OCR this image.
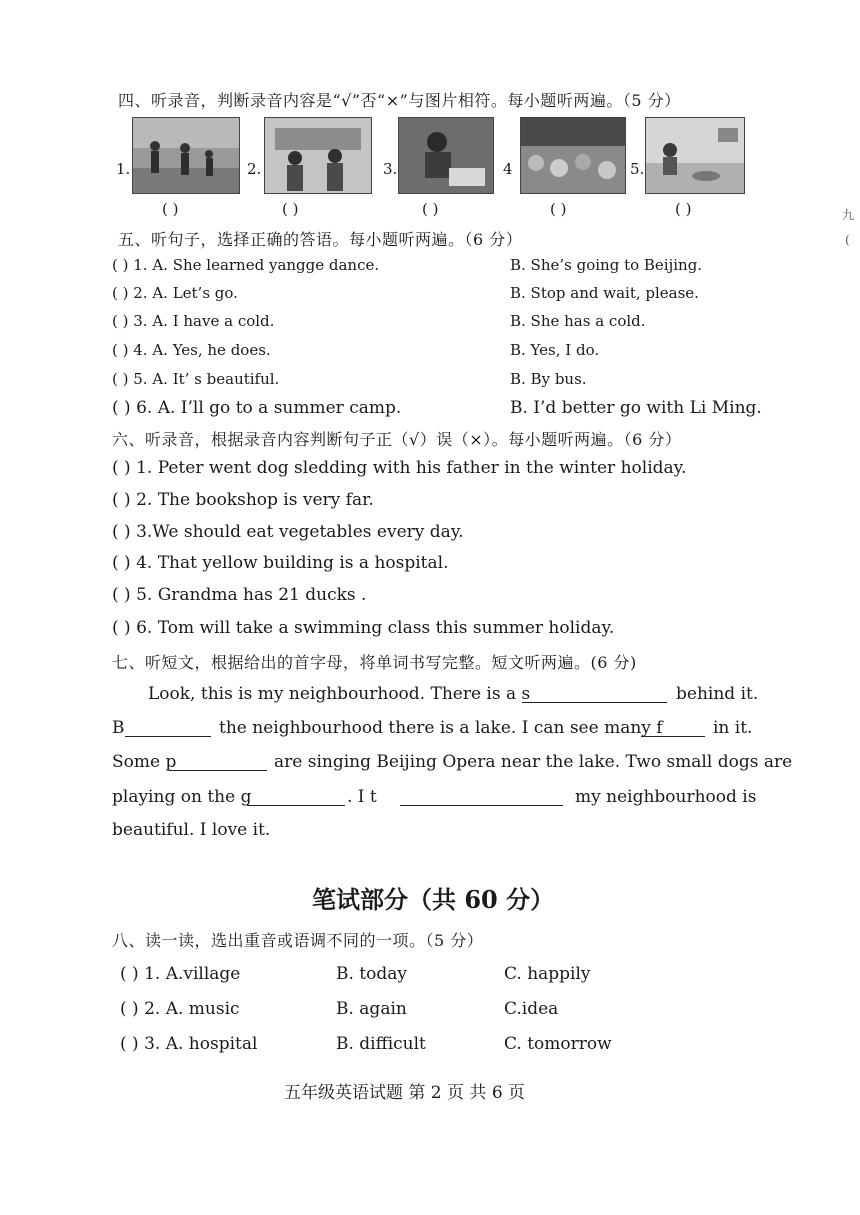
四、听录音，判断录音内容是“√”否“×”与图片相符。每小题听两遍。（5 分）
1.	2.	3.	4	5.
( )	( )	( )	( )	( )	九
(
五、听句子，选择正确的答语。每小题听两遍。（6 分）
( ) 1. A. She learned yangge dance.	B. She’s going to Beijing.
( ) 2. A. Let’s go.	B. Stop and wait, please.
( ) 3. A. I have a cold.	B. She has a cold.
( ) 4. A. Yes, he does.	B. Yes, I do.
( ) 5. A. It’ s beautiful.	B. By bus.
( ) 6. A. I’ll go to a summer camp.	B. I’d better go with Li Ming.
六、听录音，根据录音内容判断句子正（√）误（×）。每小题听两遍。（6 分）
( ) 1. Peter went dog sledding with his father in the winter holiday.
( ) 2. The bookshop is very far.
( ) 3.We should eat vegetables every day.
( ) 4. That yellow building is a hospital.
( ) 5. Grandma has 21 ducks .
( ) 6. Tom will take a swimming class this summer holiday.
七、听短文，根据给出的首字母，将单词书写完整。短文听两遍。(6 分)
Look, this is my neighbourhood. There is a s	behind it.
B	the neighbourhood there is a lake. I can see many f	in it.
Some p	are singing Beijing Opera near the lake. Two small dogs are
playing on the g	. I t	my neighbourhood is
beautiful. I love it.
笔试部分（共 60 分）
八、读一读，选出重音或语调不同的一项。（5 分）
( ) 1. A.village	B. today	C. happily
( ) 2. A. music	B. again	C.idea
( ) 3. A. hospital	B. difficult	C. tomorrow
五年级英语试题 第 2 页 共 6 页
